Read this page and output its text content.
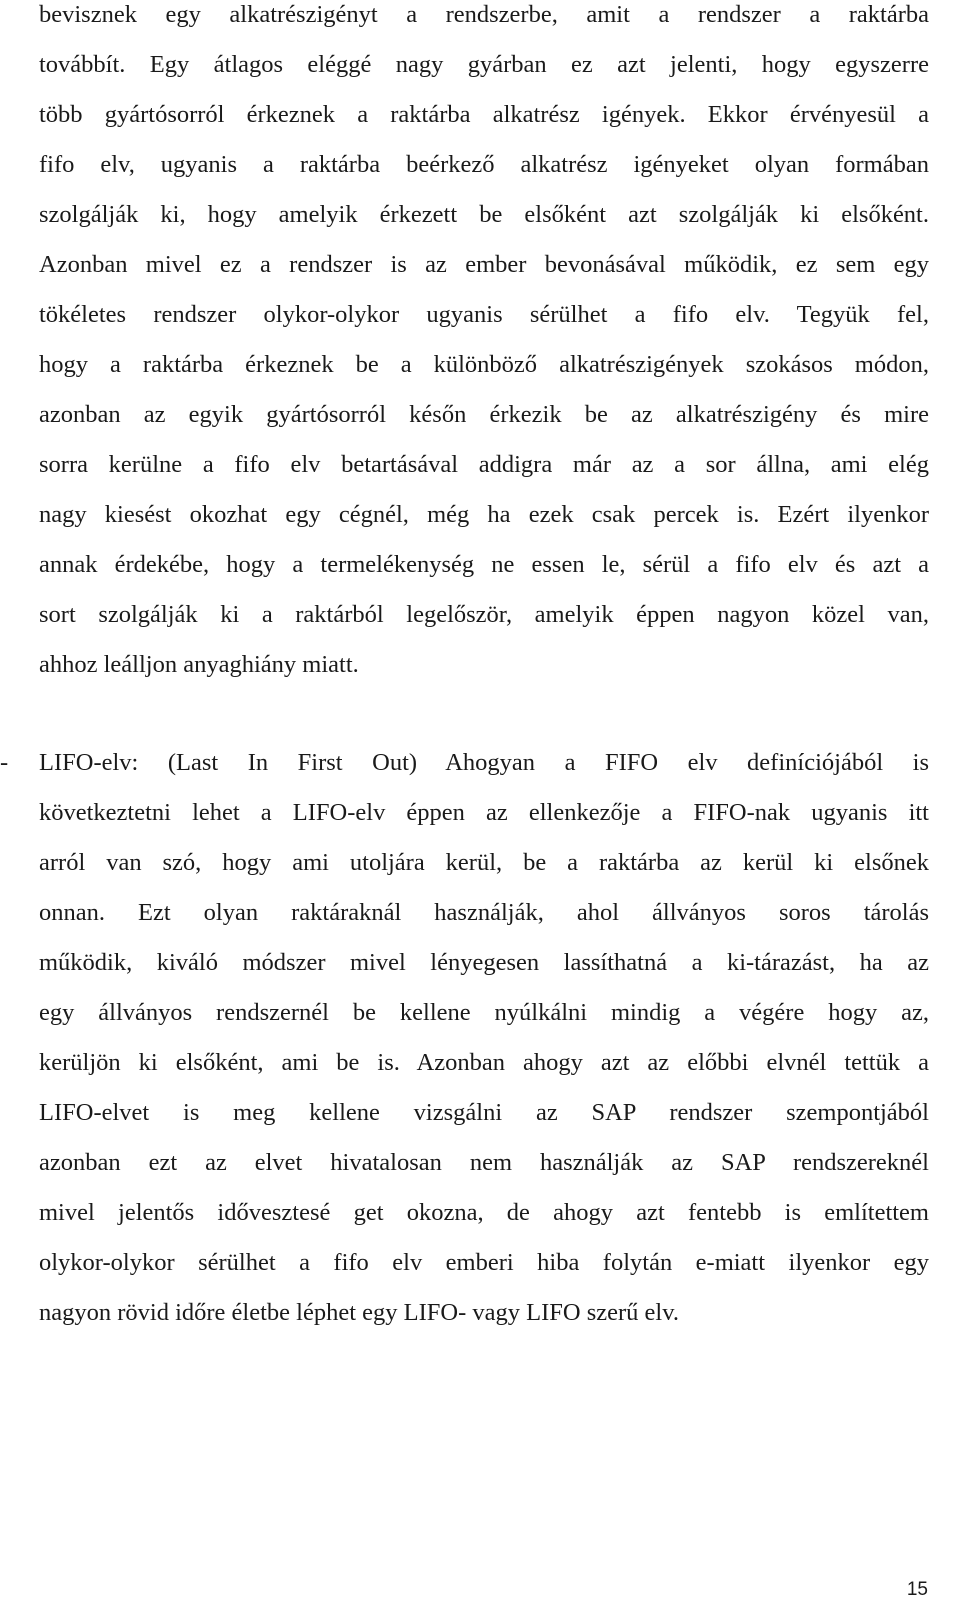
bevisznek egy alkatrészigényt a rendszerbe, amit a rendszer a raktárba
továbbít. Egy átlagos eléggé nagy gyárban ez azt jelenti, hogy egyszerre
több gyártósorról érkeznek a raktárba alkatrész igények. Ekkor érvényesül a
fifo elv, ugyanis a raktárba beérkező alkatrész igényeket olyan formában
szolgálják ki, hogy amelyik érkezett be elsőként azt szolgálják ki elsőként.
Azonban mivel ez a rendszer is az ember bevonásával működik, ez sem egy
tökéletes rendszer olykor-olykor ugyanis sérülhet a fifo elv. Tegyük fel,
hogy a raktárba érkeznek be a különböző alkatrészigények szokásos módon,
azonban az egyik gyártósorról későn érkezik be az alkatrészigény és mire
sorra kerülne a fifo elv betartásával addigra már az a sor állna, ami elég
nagy kiesést okozhat egy cégnél, még ha ezek csak percek is. Ezért ilyenkor
annak érdekébe, hogy a termelékenység ne essen le, sérül a fifo elv és azt a
sort szolgálják ki a raktárból legelőször, amelyik éppen nagyon közel van,
ahhoz leálljon anyaghiány miatt.
- LIFO-elv: (Last In First Out) Ahogyan a FIFO elv definíciójából is
következtetni lehet a LIFO-elv éppen az ellenkezője a FIFO-nak ugyanis itt
arról van szó, hogy ami utoljára kerül, be a raktárba az kerül ki elsőnek
onnan. Ezt olyan raktáraknál használják, ahol állványos soros tárolás
működik, kiváló módszer mivel lényegesen lassíthatná a ki-tárazást, ha az
egy állványos rendszernél be kellene nyúlkálni mindig a végére hogy az,
kerüljön ki elsőként, ami be is. Azonban ahogy azt az előbbi elvnél tettük a
LIFO-elvet is meg kellene vizsgálni az SAP rendszer szempontjából
azonban ezt az elvet hivatalosan nem használják az SAP rendszereknél
mivel jelentős idővesztesé get okozna, de ahogy azt fentebb is említettem
olykor-olykor sérülhet a fifo elv emberi hiba folytán e-miatt ilyenkor egy
nagyon rövid időre életbe léphet egy LIFO- vagy LIFO szerű elv.
15
